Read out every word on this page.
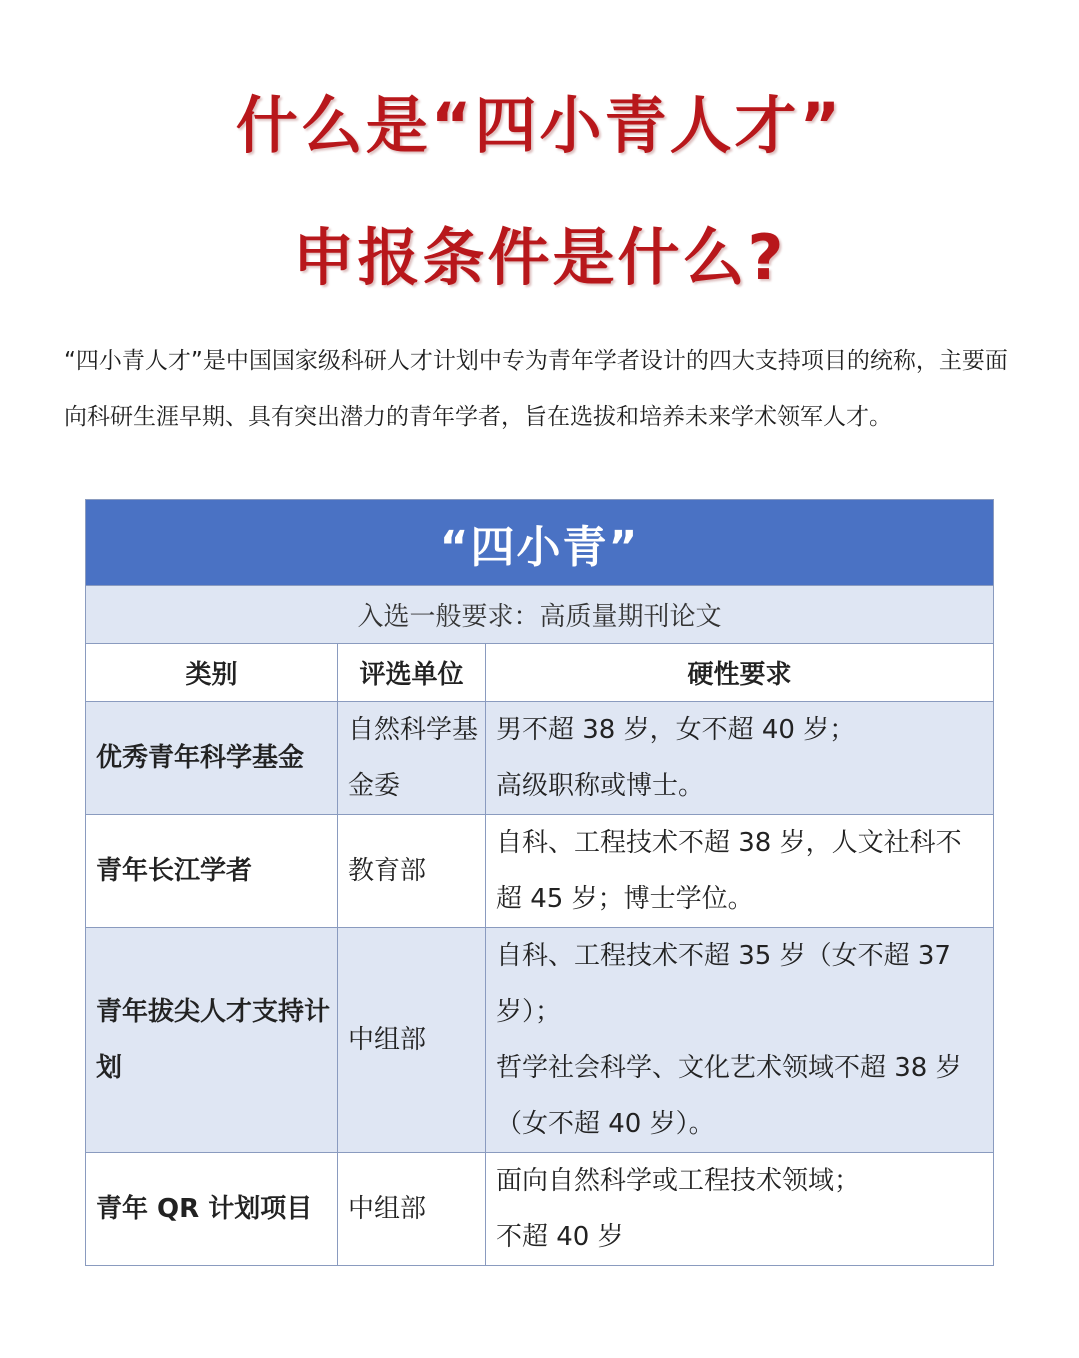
什么是“四小青人才”
申报条件是什么?

“四小青人才”是中国国家级科研人才计划中专为青年学者设计的四大支持项目的统称，主要面向科研生涯早期、具有突出潜力的青年学者，旨在选拔和培养未来学术领军人才。

“四小青”		
入选一般要求：高质量期刊论文		
类别	评选单位	硬性要求
优秀青年科学基金	自然科学基金委	男不超 38 岁，女不超 40 岁；
高级职称或博士。

青年长江学者	教育部	自科、工程技术不超 38 岁，人文社科不超 45 岁；博士学位。

青年拔尖人才支持计划	中组部	自科、工程技术不超 35 岁（女不超 37 岁）；
哲学社会科学、文化艺术领域不超 38 岁（女不超 40 岁）。

青年 QR 计划项目	中组部	面向自然科学或工程技术领域；
不超 40 岁
